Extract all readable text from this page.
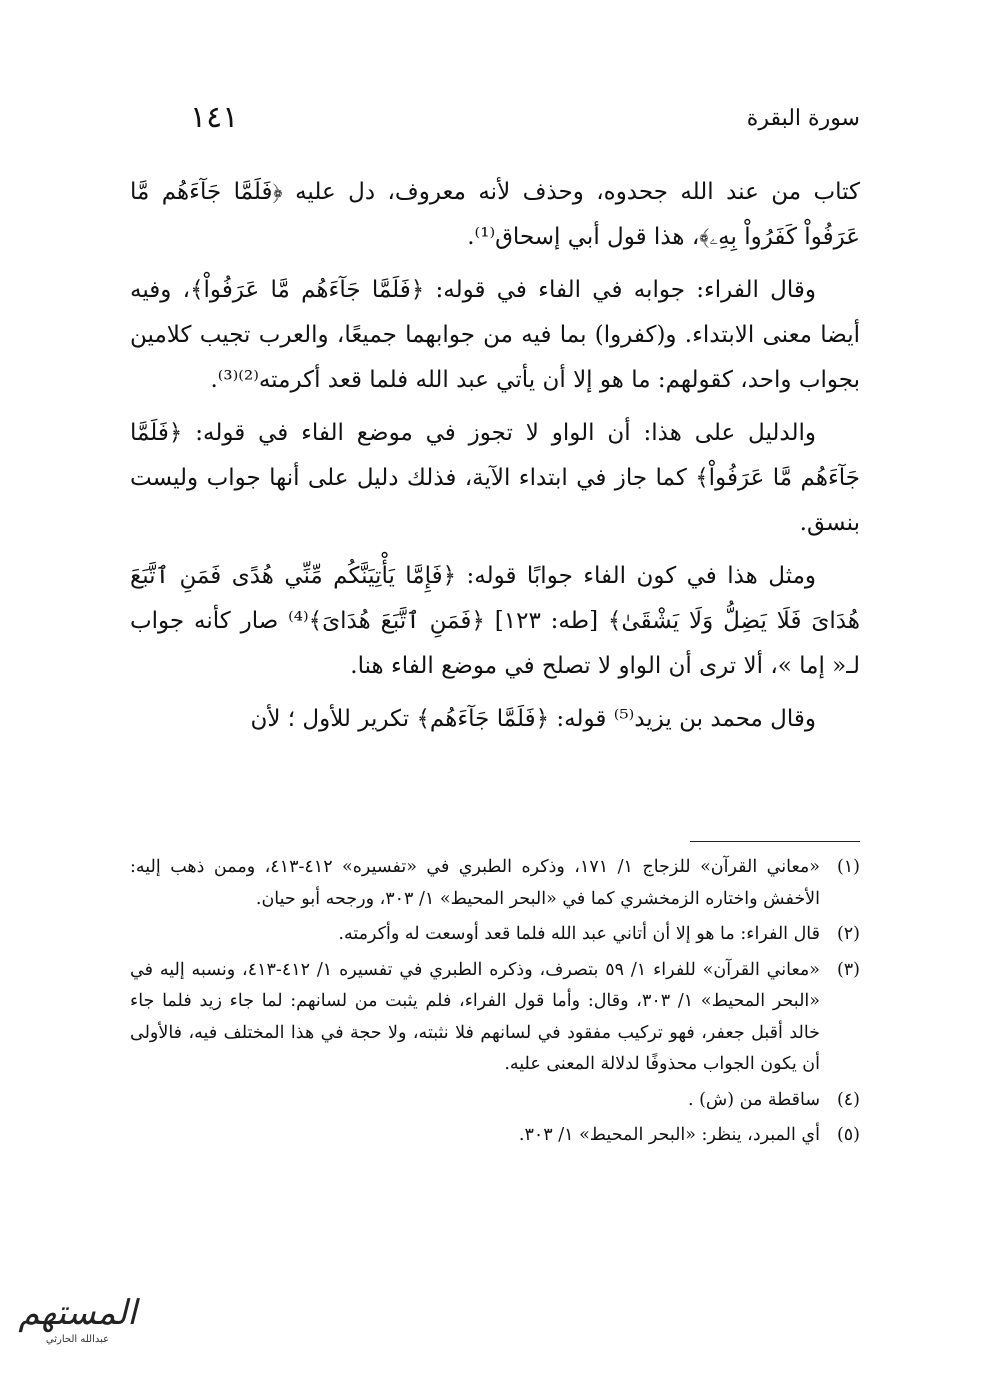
سورة البقرة
١٤١

كتاب من عند الله جحدوه، وحذف لأنه معروف، دل عليه ﴿فَلَمَّا جَآءَهُم مَّا عَرَفُواْ كَفَرُواْ بِهِۦ﴾، هذا قول أبي إسحاق⁽¹⁾.

وقال الفراء: جوابه في الفاء في قوله: ﴿فَلَمَّا جَآءَهُم مَّا عَرَفُواْ﴾، وفيه أيضا معنى الابتداء. و(كفروا) بما فيه من جوابهما جميعًا، والعرب تجيب كلامين بجواب واحد، كقولهم: ما هو إلا أن يأتي عبد الله فلما قعد أكرمته⁽²⁾⁽³⁾.

والدليل على هذا: أن الواو لا تجوز في موضع الفاء في قوله: ﴿فَلَمَّا جَآءَهُم مَّا عَرَفُواْ﴾ كما جاز في ابتداء الآية، فذلك دليل على أنها جواب وليست بنسق.

ومثل هذا في كون الفاء جوابًا قوله: ﴿فَإِمَّا يَأْتِيَنَّكُم مِّنِّي هُدًى فَمَنِ ٱتَّبَعَ هُدَاىَ فَلَا يَضِلُّ وَلَا يَشْقَىٰ﴾ [طه: ١٢٣] ﴿فَمَنِ ٱتَّبَعَ هُدَاىَ﴾⁽⁴⁾ صار كأنه جواب لـ« إما »، ألا ترى أن الواو لا تصلح في موضع الفاء هنا.

وقال محمد بن يزيد⁽⁵⁾ قوله: ﴿فَلَمَّا جَآءَهُم﴾ تكرير للأول ؛ لأن

(١)
«معاني القرآن» للزجاج ١/ ١٧١، وذكره الطبري في «تفسيره» ٤١٢-٤١٣، وممن ذهب إليه: الأخفش واختاره الزمخشري كما في «البحر المحيط» ١/ ٣٠٣، ورجحه أبو حيان.
(٢)
قال الفراء: ما هو إلا أن أتاني عبد الله فلما قعد أوسعت له وأكرمته.
(٣)
«معاني القرآن» للفراء ١/ ٥٩ بتصرف، وذكره الطبري في تفسيره ١/ ٤١٢-٤١٣، ونسبه إليه في «البحر المحيط» ١/ ٣٠٣، وقال: وأما قول الفراء، فلم يثبت من لسانهم: لما جاء زيد فلما جاء خالد أقبل جعفر، فهو تركيب مفقود في لسانهم فلا نثبته، ولا حجة في هذا المختلف فيه، فالأولى أن يكون الجواب محذوفًا لدلالة المعنى عليه.
(٤)
ساقطة من (ش) .
(٥)
أي المبرد، ينظر: «البحر المحيط» ١/ ٣٠٣.
المستهم
عبدالله الحارثي
